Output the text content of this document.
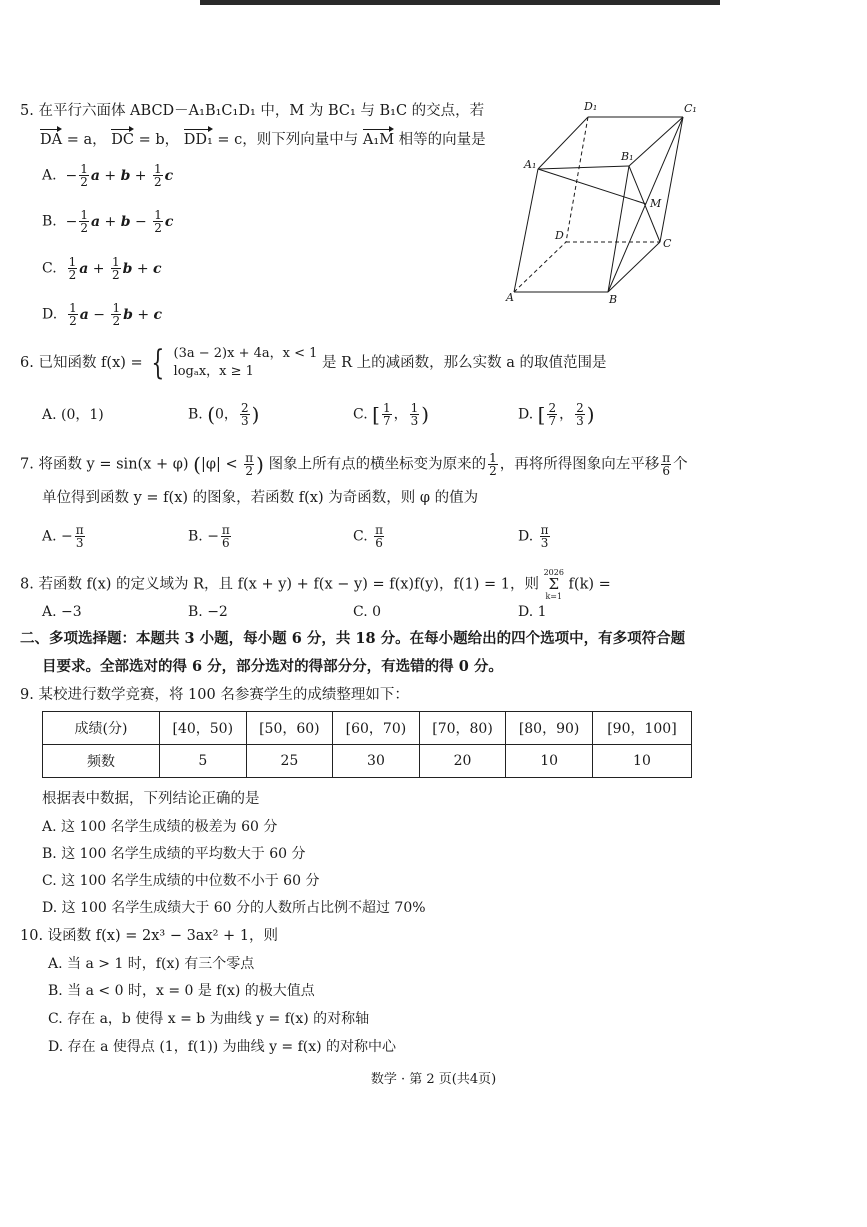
5. 在平行六面体 ABCD－A₁B₁C₁D₁ 中，M 为 BC₁ 与 B₁C 的交点，若
DA = a， DC = b， DD₁ = c，则下列向量中与 A₁M 相等的向量是
A.  − $\frac{1}{2}$ $a + b + \frac{1}{2}$ c
B.  − $\frac{1}{2}$ $a + b - \frac{1}{2}$ c
C. $\frac{1}{2}$ $a + \frac{1}{2}$ b + c
D. $\frac{1}{2}$ $a - \frac{1}{2}$ b + c
D₁	C₁
A₁
B₁
M
D
C
A	B
6. 已知函数 f(x) = { (3a − 2)x + 4a，x < 1
logₐx，x ≥ 1
是 R 上的减函数，那么实数 a 的取值范围是
A. (0，1)	B. (0， $\frac{2}{3}$ )	C. [ $\frac{1}{7}$ ， $\frac{1}{3}$ )	D. [ $\frac{2}{7}$ ， $\frac{2}{3}$ )
7. 将函数 y = sin(x + φ) ($|\varphi| < \frac{\pi}{2}$ ) 图象上所有点的横坐标变为原来的 $\frac{1}{2}$ ，再将所得图象向左平移 $\frac{\pi}{6}$ 个
单位得到函数 y = f(x) 的图象，若函数 f(x) 为奇函数，则 φ 的值为
A. − $\frac{\pi}{3}$	B. − $\frac{\pi}{6}$	C. $\frac{\pi}{6}$	D. $\frac{\pi}{3}$
8. 若函数 f(x) 的定义域为 R，且 f(x + y) + f(x − y) = f(x)f(y)，f(1) = 1，则
2026
Σ
k=1
f(k) =
A. −3	B. −2	C. 0	D. 1
二、多项选择题：本题共 3 小题，每小题 6 分，共 18 分。在每小题给出的四个选项中，有多项符合题
目要求。全部选对的得 6 分，部分选对的得部分分，有选错的得 0 分。
9. 某校进行数学竞赛，将 100 名参赛学生的成绩整理如下：
成绩(分)	[40，50)	[50，60)	[60，70)	[70，80)	[80，90)	[90，100]
频数	5	25	30	20	10	10
根据表中数据，下列结论正确的是
A. 这 100 名学生成绩的极差为 60 分
B. 这 100 名学生成绩的平均数大于 60 分
C. 这 100 名学生成绩的中位数不小于 60 分
D. 这 100 名学生成绩大于 60 分的人数所占比例不超过 70%
10. 设函数 f(x) = 2x³ − 3ax² + 1，则
A. 当 a > 1 时，f(x) 有三个零点
B. 当 a < 0 时，x = 0 是 f(x) 的极大值点
C. 存在 a，b 使得 x = b 为曲线 y = f(x) 的对称轴
D. 存在 a 使得点 (1，f(1)) 为曲线 y = f(x) 的对称中心
数学 · 第 2 页(共4页)
